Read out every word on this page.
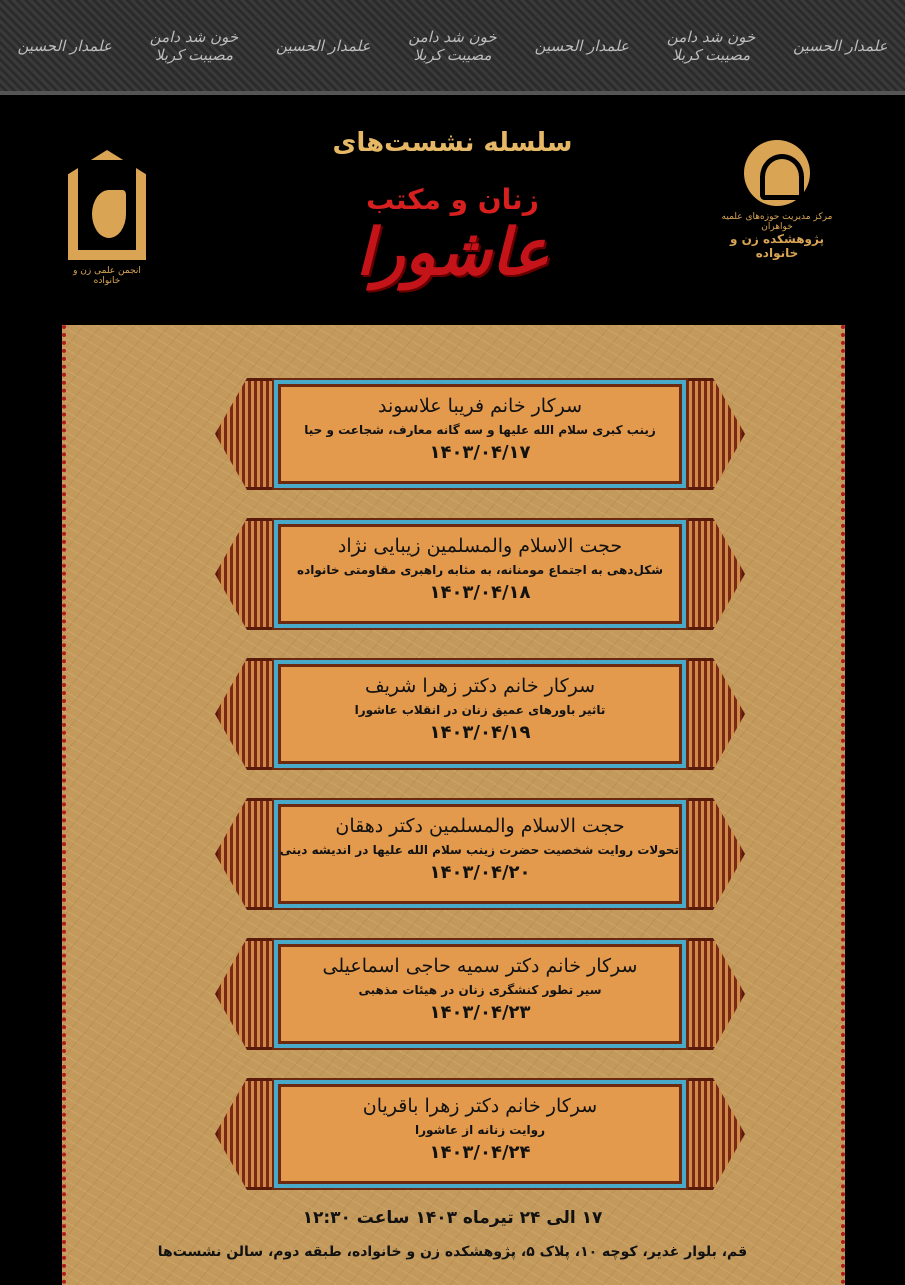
علمدار الحسین
خون شد دامن مصیبت کربلا
علمدار الحسین
خون شد دامن مصیبت کربلا
علمدار الحسین
خون شد دامن مصیبت کربلا
علمدار الحسین

انجمن علمی زن و خانواده

مرکز مدیریت حوزه‌های علمیه خواهران

پژوهشکده زن و خانواده

سلسله نشست‌های
زنان و مکتب
عاشورا
سرکار خانم فریبا علاسوند
زینب کبری سلام الله علیها و سه گانه معارف، شجاعت و حیا
۱۴۰۳/۰۴/۱۷
حجت الاسلام والمسلمین زیبایی نژاد
شکل‌دهی به اجتماع مومنانه، به مثابه راهبری مقاومتی خانواده
۱۴۰۳/۰۴/۱۸
سرکار خانم دکتر زهرا شریف
تاثیر باورهای عمیق زنان در انقلاب عاشورا
۱۴۰۳/۰۴/۱۹
حجت الاسلام والمسلمین دکتر دهقان
تحولات روایت شخصیت حضرت زینب سلام الله علیها در اندیشه دینی
۱۴۰۳/۰۴/۲۰
سرکار خانم دکتر سمیه حاجی اسماعیلی
سیر تطور کنشگری زنان در هیئات مذهبی
۱۴۰۳/۰۴/۲۳
سرکار خانم دکتر زهرا باقریان
روایت زنانه از عاشورا
۱۴۰۳/۰۴/۲۴
۱۷ الی ۲۴ تیرماه ۱۴۰۳ ساعت ۱۲:۳۰
قم، بلوار غدیر، کوچه ۱۰، پلاک ۵، پژوهشکده زن و خانواده، طبقه دوم، سالن نشست‌ها
